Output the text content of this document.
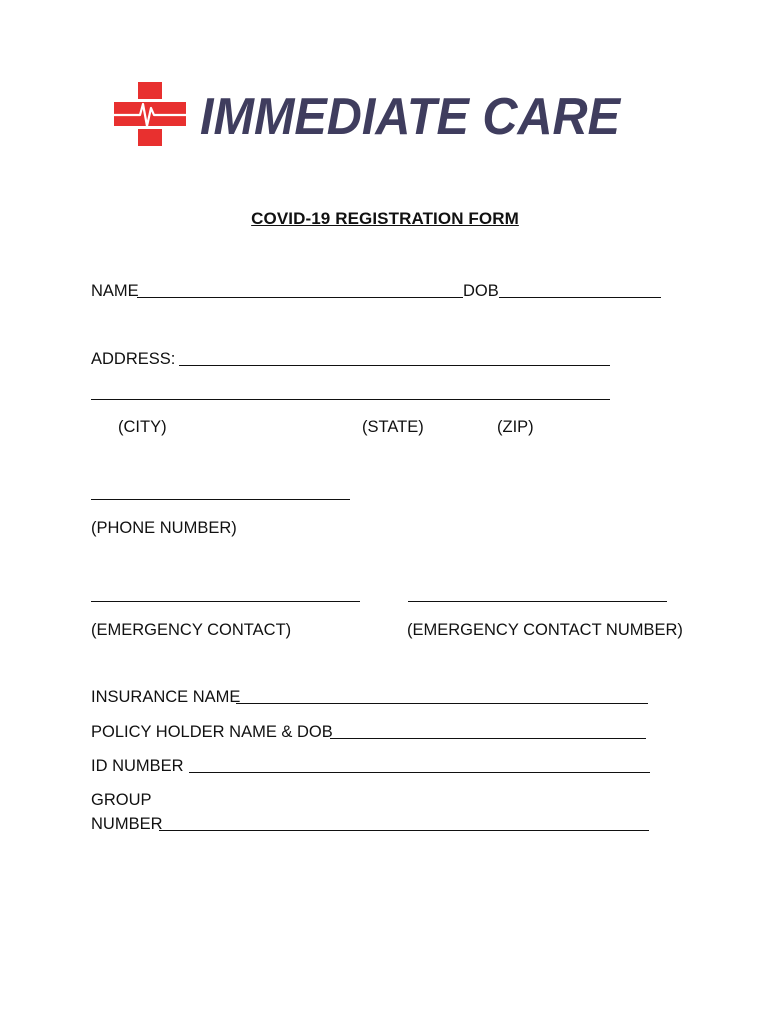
IMMEDIATE CARE
COVID-19 REGISTRATION FORM
NAME	DOB
ADDRESS:
(CITY)	(STATE)	(ZIP)
(PHONE NUMBER)
(EMERGENCY CONTACT)	(EMERGENCY CONTACT NUMBER)
INSURANCE NAME
POLICY HOLDER NAME & DOB
ID NUMBER
GROUP
NUMBER
